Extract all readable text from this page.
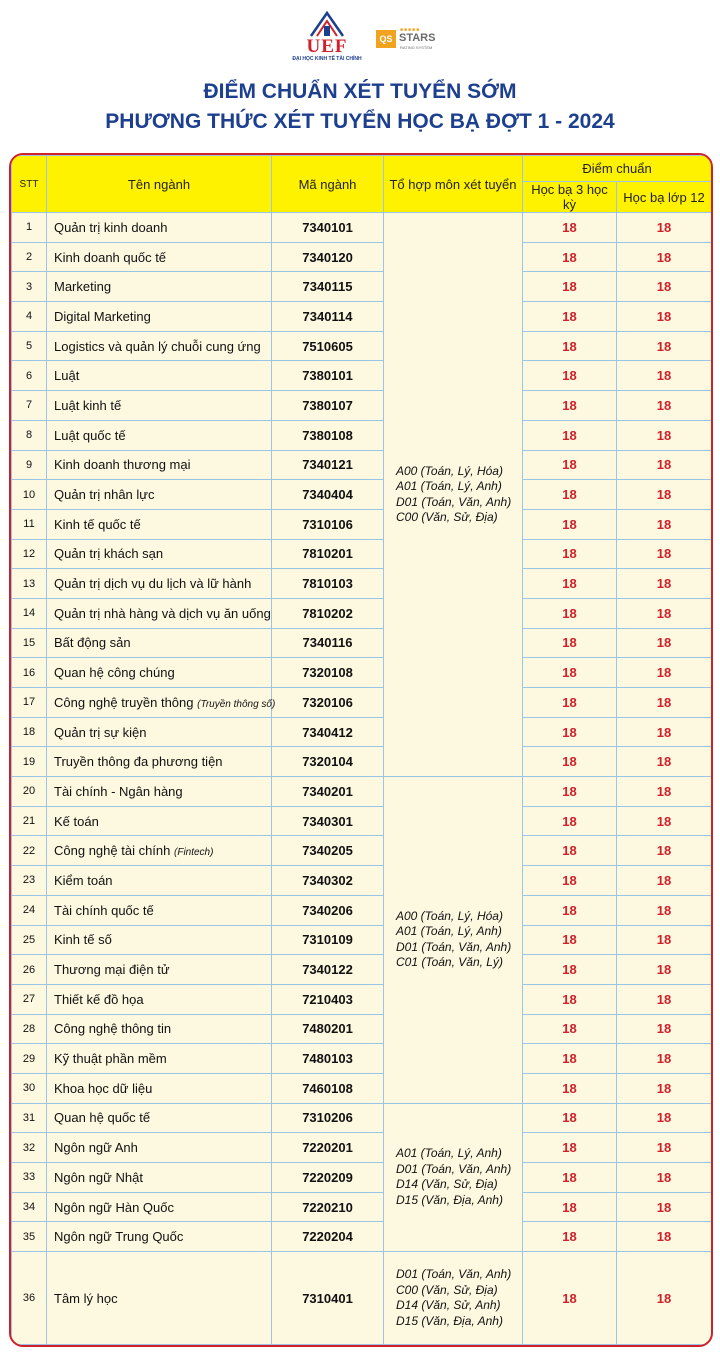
UEF
ĐẠI HỌC KINH TẾ TÀI CHÍNH
QS
■■■■■
STARS
RATING SYSTEM
ĐIỂM CHUẨN XÉT TUYỂN SỚM
PHƯƠNG THỨC XÉT TUYỂN HỌC BẠ ĐỢT 1 - 2024
STT	Tên ngành	Mã ngành	Tổ hợp môn xét tuyển	Điểm chuẩn	
				Học bạ 3 học kỳ	Học bạ lớp 12
1	Quản trị kinh doanh	7340101	A00 (Toán, Lý, Hóa)
A01 (Toán, Lý, Anh)
D01 (Toán, Văn, Anh)
C00 (Văn, Sử, Địa)	18	18
2	Kinh doanh quốc tế	7340120		18	18
3	Marketing	7340115		18	18
4	Digital Marketing	7340114		18	18
5	Logistics và quản lý chuỗi cung ứng	7510605		18	18
6	Luật	7380101		18	18
7	Luật kinh tế	7380107		18	18
8	Luật quốc tế	7380108		18	18
9	Kinh doanh thương mại	7340121		18	18
10	Quản trị nhân lực	7340404		18	18
11	Kinh tế quốc tế	7310106		18	18
12	Quản trị khách sạn	7810201		18	18
13	Quản trị dịch vụ du lịch và lữ hành	7810103		18	18
14	Quản trị nhà hàng và dịch vụ ăn uống	7810202		18	18
15	Bất động sản	7340116		18	18
16	Quan hệ công chúng	7320108		18	18
17	Công nghệ truyền thông (Truyền thông số)	7320106		18	18
18	Quản trị sự kiện	7340412		18	18
19	Truyền thông đa phương tiện	7320104		18	18
20	Tài chính - Ngân hàng	7340201	A00 (Toán, Lý, Hóa)
A01 (Toán, Lý, Anh)
D01 (Toán, Văn, Anh)
C01 (Toán, Văn, Lý)	18	18
21	Kế toán	7340301		18	18
22	Công nghệ tài chính (Fintech)	7340205		18	18
23	Kiểm toán	7340302		18	18
24	Tài chính quốc tế	7340206		18	18
25	Kinh tế số	7310109		18	18
26	Thương mại điện tử	7340122		18	18
27	Thiết kế đồ họa	7210403		18	18
28	Công nghệ thông tin	7480201		18	18
29	Kỹ thuật phần mềm	7480103		18	18
30	Khoa học dữ liệu	7460108		18	18
31	Quan hệ quốc tế	7310206	A01 (Toán, Lý, Anh)
D01 (Toán, Văn, Anh)
D14 (Văn, Sử, Địa)
D15 (Văn, Địa, Anh)	18	18
32	Ngôn ngữ Anh	7220201		18	18
33	Ngôn ngữ Nhật	7220209		18	18
34	Ngôn ngữ Hàn Quốc	7220210		18	18
35	Ngôn ngữ Trung Quốc	7220204		18	18
36	Tâm lý học	7310401	D01 (Toán, Văn, Anh)
C00 (Văn, Sử, Địa)
D14 (Văn, Sử, Anh)
D15 (Văn, Địa, Anh)	18	18
